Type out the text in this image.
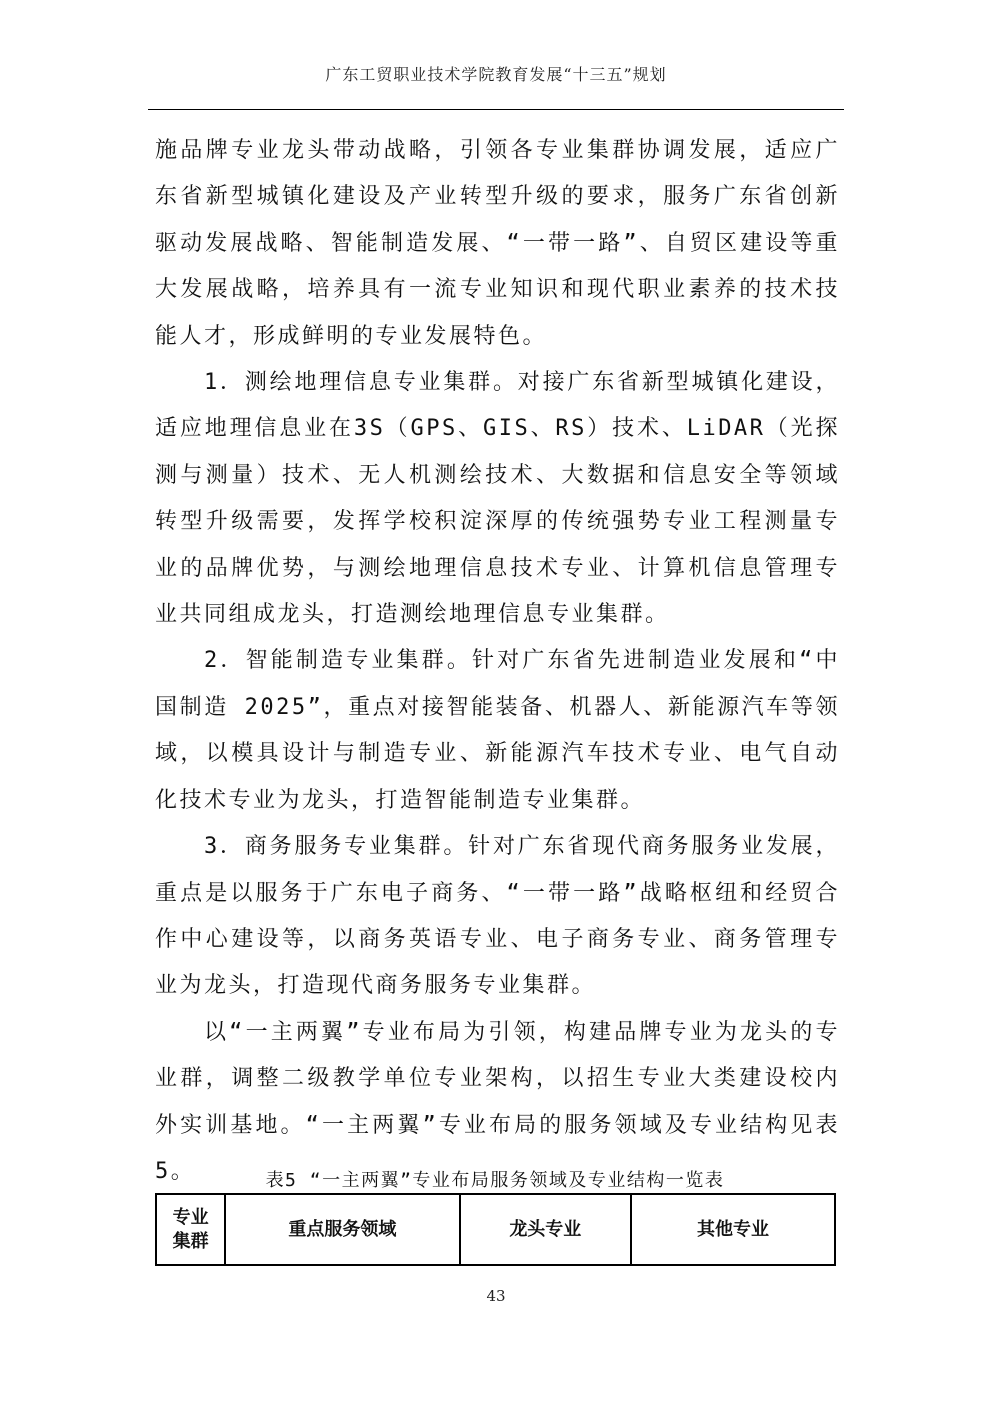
广东工贸职业技术学院教育发展“十三五”规划

施品牌专业龙头带动战略，引领各专业集群协调发展，适应广东省新型城镇化建设及产业转型升级的要求，服务广东省创新驱动发展战略、智能制造发展、“一带一路”、自贸区建设等重大发展战略，培养具有一流专业知识和现代职业素养的技术技能人才，形成鲜明的专业发展特色。

1．测绘地理信息专业集群。对接广东省新型城镇化建设，适应地理信息业在3S（GPS、GIS、RS）技术、LiDAR（光探测与测量）技术、无人机测绘技术、大数据和信息安全等领域转型升级需要，发挥学校积淀深厚的传统强势专业工程测量专业的品牌优势，与测绘地理信息技术专业、计算机信息管理专业共同组成龙头，打造测绘地理信息专业集群。

2．智能制造专业集群。针对广东省先进制造业发展和“中国制造 2025”，重点对接智能装备、机器人、新能源汽车等领域，以模具设计与制造专业、新能源汽车技术专业、电气自动化技术专业为龙头，打造智能制造专业集群。

3．商务服务专业集群。针对广东省现代商务服务业发展，重点是以服务于广东电子商务、“一带一路”战略枢纽和经贸合作中心建设等，以商务英语专业、电子商务专业、商务管理专业为龙头，打造现代商务服务专业集群。

以“一主两翼”专业布局为引领，构建品牌专业为龙头的专业群，调整二级教学单位专业架构，以招生专业大类建设校内外实训基地。“一主两翼”专业布局的服务领域及专业结构见表5。	表5 “一主两翼”专业布局服务领域及专业结构一览表
专业
集群	重点服务领域	龙头专业	其他专业
43
